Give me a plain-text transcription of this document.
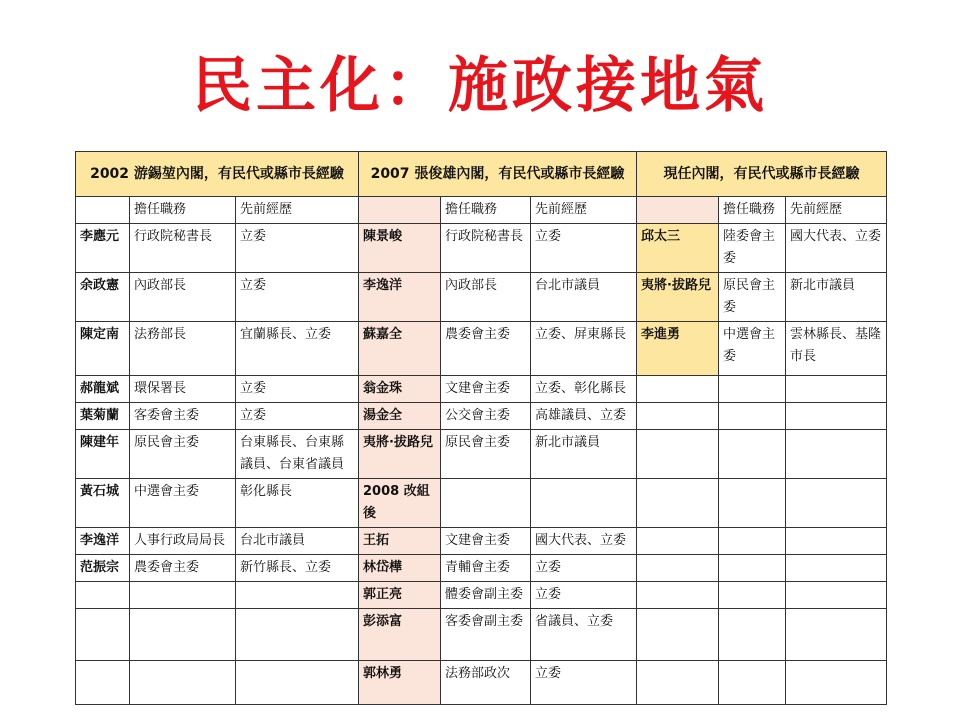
民主化：施政接地氣
2002 游錫堃內閣，有民代或縣市長經驗			2007 張俊雄內閣，有民代或縣市長經驗			現任內閣，有民代或縣市長經驗		
	擔任職務	先前經歷		擔任職務	先前經歷		擔任職務	先前經歷
李應元	行政院秘書長	立委	陳景峻	行政院秘書長	立委	邱太三	陸委會主委	國大代表、立委
余政憲	內政部長	立委	李逸洋	內政部長	台北市議員	夷將·拔路兒	原民會主委	新北市議員
陳定南	法務部長	宜蘭縣長、立委	蘇嘉全	農委會主委	立委、屏東縣長	李進勇	中選會主委	雲林縣長、基隆市長
郝龍斌	環保署長	立委	翁金珠	文建會主委	立委、彰化縣長			
葉菊蘭	客委會主委	立委	湯金全	公交會主委	高雄議員、立委			
陳建年	原民會主委	台東縣長、台東縣議員、台東省議員	夷將·拔路兒	原民會主委	新北市議員			
黃石城	中選會主委	彰化縣長	2008 改組後					
李逸洋	人事行政局局長	台北市議員	王拓	文建會主委	國大代表、立委			
范振宗	農委會主委	新竹縣長、立委	林岱樺	青輔會主委	立委			
			郭正亮	體委會副主委	立委			
			彭添富	客委會副主委	省議員、立委			
			郭林勇	法務部政次	立委			
